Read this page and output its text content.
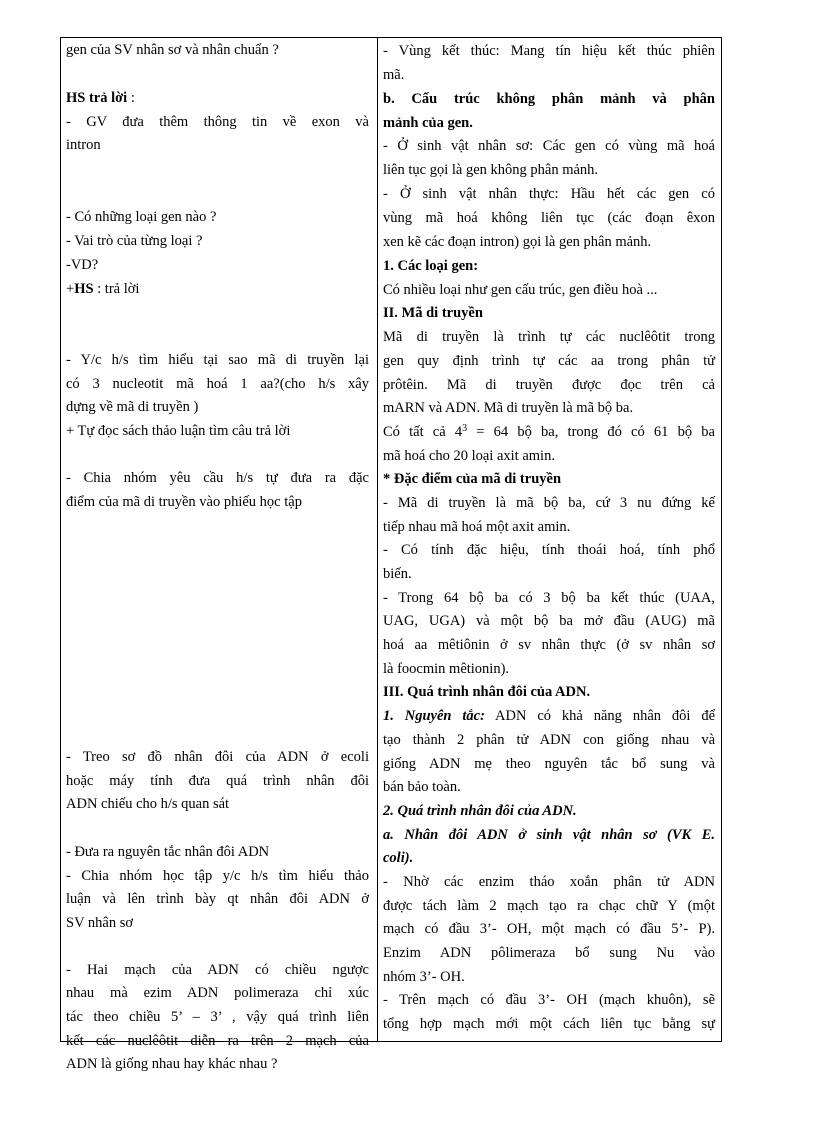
gen của SV nhân sơ và nhân chuẩn ?
HS trả lời :
- GV đưa thêm thông tin về exon và
intron
- Có những loại gen nào ?
- Vai trò của từng loại ?
-VD?
+HS : trả lời
- Y/c h/s tìm hiểu tại sao mã di truyền lại
có 3 nucleotit mã hoá 1 aa?(cho h/s xây
dựng về mã di truyền )
+ Tự đọc sách thảo luận tìm câu trả lời
- Chia nhóm yêu cầu h/s tự đưa ra đặc
điểm của mã di truyền vào phiếu học tập
- Treo sơ đồ nhân đôi của ADN ở ecoli
hoặc máy tính đưa quá trình nhân đôi
ADN chiếu cho h/s quan sát
- Đưa ra nguyên tắc nhân đôi ADN
- Chia nhóm học tập y/c h/s tìm hiểu thảo
luận và lên trình bày qt nhân đôi ADN ở
SV nhân sơ
- Hai mạch của ADN có chiều ngược
nhau mà ezim ADN polimeraza chỉ xúc
tác theo chiều 5’ – 3’ , vậy quá trình liên
kết các nuclêôtit diễn ra trên 2 mạch của
ADN là giống nhau hay khác nhau ?
- Vùng kết thúc: Mang tín hiệu kết thúc phiên
mã.
b. Cấu trúc không phân mảnh và phân
mảnh của gen.
- Ở sinh vật nhân sơ: Các gen có vùng mã hoá
liên tục gọi là gen không phân mảnh.
- Ở sinh vật nhân thực: Hầu hết các gen có
vùng mã hoá không liên tục (các đoạn êxon
xen kẽ các đoạn intron) gọi là gen phân mảnh.
1. Các loại gen:
Có nhiều loại như gen cấu trúc, gen điều hoà ...
II. Mã di truyền
Mã di truyền là trình tự các nuclêôtit trong
gen quy định trình tự các aa trong phân tử
prôtêin. Mã di truyền được đọc trên cả
mARN và ADN. Mã di truyền là mã bộ ba.
Có tất cả $4^3 = 64$ bộ ba, trong đó có 61 bộ ba
mã hoá cho 20 loại axit amin.
* Đặc điểm của mã di truyền
- Mã di truyền là mã bộ ba, cứ 3 nu đứng kế
tiếp nhau mã hoá một axit amin.
- Có tính đặc hiệu, tính thoái hoá, tính phổ
biến.
- Trong 64 bộ ba có 3 bộ ba kết thúc (UAA,
UAG, UGA) và một bộ ba mở đầu (AUG) mã
hoá aa mêtiônin ở sv nhân thực (ở sv nhân sơ
là foocmin mêtionin).
III. Quá trình nhân đôi của ADN.
1. Nguyên tắc: ADN có khả năng nhân đôi để
tạo thành 2 phân tử ADN con giống nhau và
giống ADN mẹ theo nguyên tắc bổ sung và
bán bảo toàn.
2. Quá trình nhân đôi của ADN.
a. Nhân đôi ADN ở sinh vật nhân sơ (VK E.
coli).
- Nhờ các enzim tháo xoắn phân tử ADN
được tách làm 2 mạch tạo ra chạc chữ Y (một
mạch có đầu 3’- OH, một mạch có đầu 5’- P).
Enzim ADN pôlimeraza bổ sung Nu vào
nhóm 3’- OH.
- Trên mạch có đầu 3’- OH (mạch khuôn), sẽ
tổng hợp mạch mới một cách liên tục bằng sự
